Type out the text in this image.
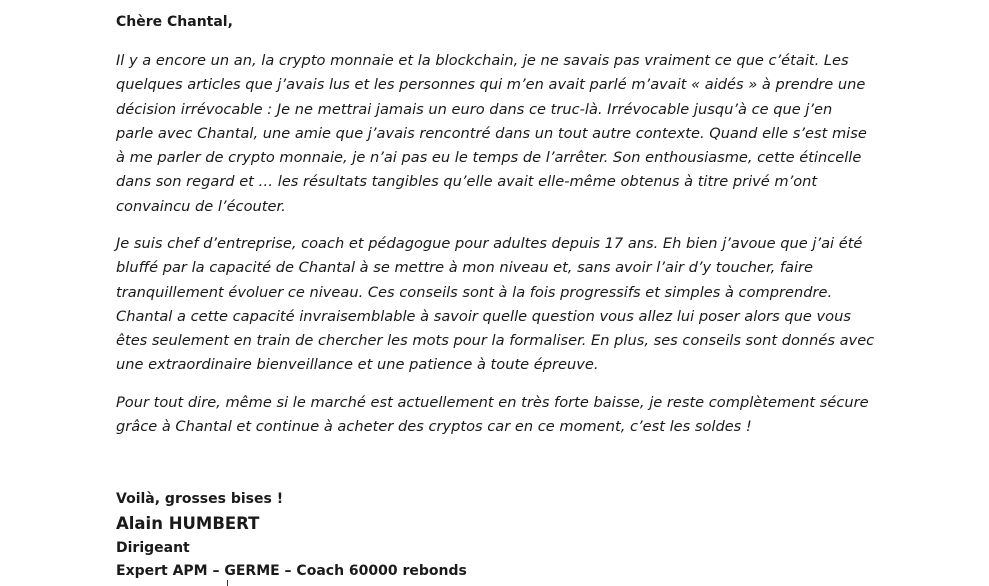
Chère Chantal,
Il y a encore un an, la crypto monnaie et la blockchain, je ne savais pas vraiment ce que c’était. Les
quelques articles que j’avais lus et les personnes qui m’en avait parlé m’avait « aidés » à prendre une
décision irrévocable : Je ne mettrai jamais un euro dans ce truc-là. Irrévocable jusqu’à ce que j’en
parle avec Chantal, une amie que j’avais rencontré dans un tout autre contexte. Quand elle s’est mise
à me parler de crypto monnaie, je n’ai pas eu le temps de l’arrêter. Son enthousiasme, cette étincelle
dans son regard et … les résultats tangibles qu’elle avait elle-même obtenus à titre privé m’ont
convaincu de l’écouter.
Je suis chef d’entreprise, coach et pédagogue pour adultes depuis 17 ans. Eh bien j’avoue que j’ai été
bluffé par la capacité de Chantal à se mettre à mon niveau et, sans avoir l’air d’y toucher, faire
tranquillement évoluer ce niveau. Ces conseils sont à la fois progressifs et simples à comprendre.
Chantal a cette capacité invraisemblable à savoir quelle question vous allez lui poser alors que vous
êtes seulement en train de chercher les mots pour la formaliser. En plus, ses conseils sont donnés avec
une extraordinaire bienveillance et une patience à toute épreuve.
Pour tout dire, même si le marché est actuellement en très forte baisse, je reste complètement sécure
grâce à Chantal et continue à acheter des cryptos car en ce moment, c’est les soldes !
Voilà, grosses bises !
Alain HUMBERT
Dirigeant
Expert APM – GERME – Coach 60000 rebonds
